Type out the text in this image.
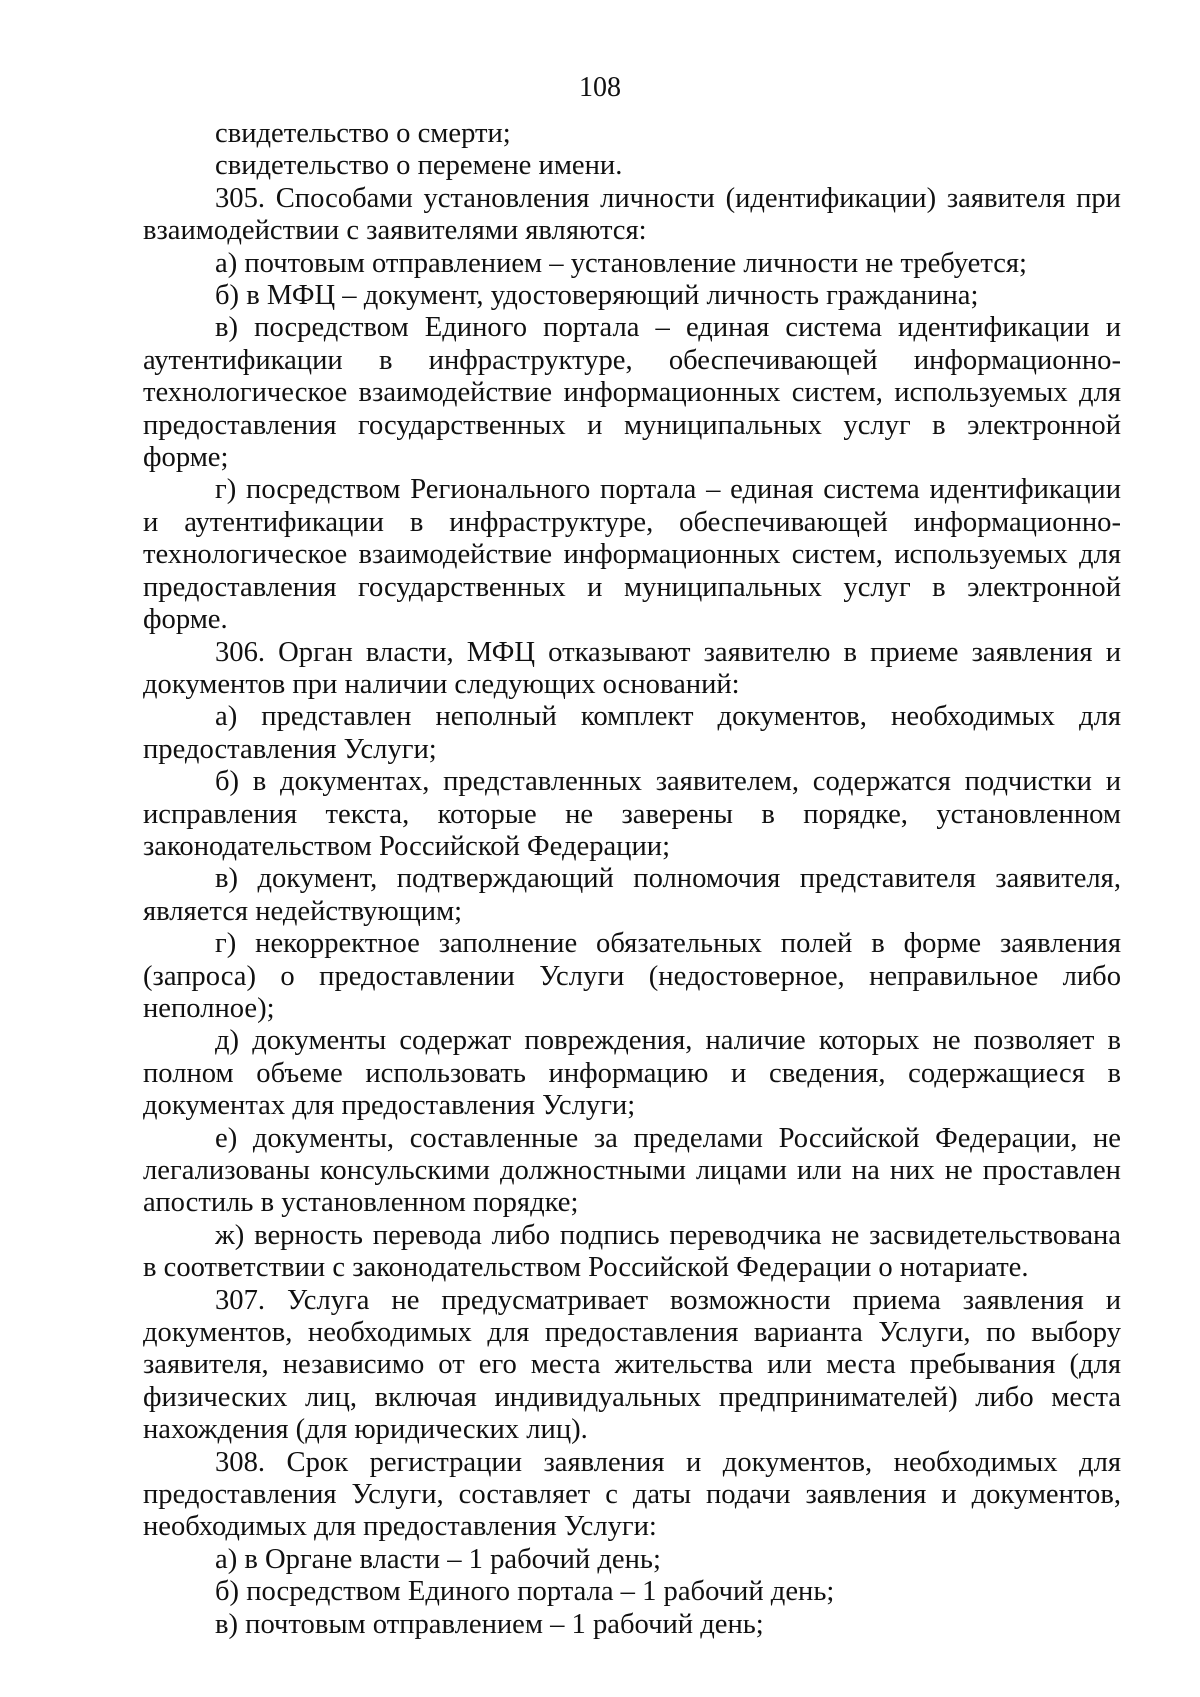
108

свидетельство о смерти;

свидетельство о перемене имени.

305. Способами установления личности (идентификации) заявителя при взаимодействии с заявителями являются:

а) почтовым отправлением – установление личности не требуется;

б) в МФЦ – документ, удостоверяющий личность гражданина;

в) посредством Единого портала – единая система идентификации и аутентификации в инфраструктуре, обеспечивающей информационно-технологическое взаимодействие информационных систем, используемых для предоставления государственных и муниципальных услуг в электронной форме;

г) посредством Регионального портала – единая система идентификации и аутентификации в инфраструктуре, обеспечивающей информационно-технологическое взаимодействие информационных систем, используемых для предоставления государственных и муниципальных услуг в электронной форме.

306. Орган власти, МФЦ отказывают заявителю в приеме заявления и документов при наличии следующих оснований:

а) представлен неполный комплект документов, необходимых для предоставления Услуги;

б) в документах, представленных заявителем, содержатся подчистки и исправления текста, которые не заверены в порядке, установленном законодательством Российской Федерации;

в) документ, подтверждающий полномочия представителя заявителя, является недействующим;

г) некорректное заполнение обязательных полей в форме заявления (запроса) о предоставлении Услуги (недостоверное, неправильное либо неполное);

д) документы содержат повреждения, наличие которых не позволяет в полном объеме использовать информацию и сведения, содержащиеся в документах для предоставления Услуги;

е) документы, составленные за пределами Российской Федерации, не легализованы консульскими должностными лицами или на них не проставлен апостиль в установленном порядке;

ж) верность перевода либо подпись переводчика не засвидетельствована в соответствии с законодательством Российской Федерации о нотариате.

307. Услуга не предусматривает возможности приема заявления и документов, необходимых для предоставления варианта Услуги, по выбору заявителя, независимо от его места жительства или места пребывания (для физических лиц, включая индивидуальных предпринимателей) либо места нахождения (для юридических лиц).

308. Срок регистрации заявления и документов, необходимых для предоставления Услуги, составляет с даты подачи заявления и документов, необходимых для предоставления Услуги:

а) в Органе власти – 1 рабочий день;

б) посредством Единого портала – 1 рабочий день;

в) почтовым отправлением – 1 рабочий день;
